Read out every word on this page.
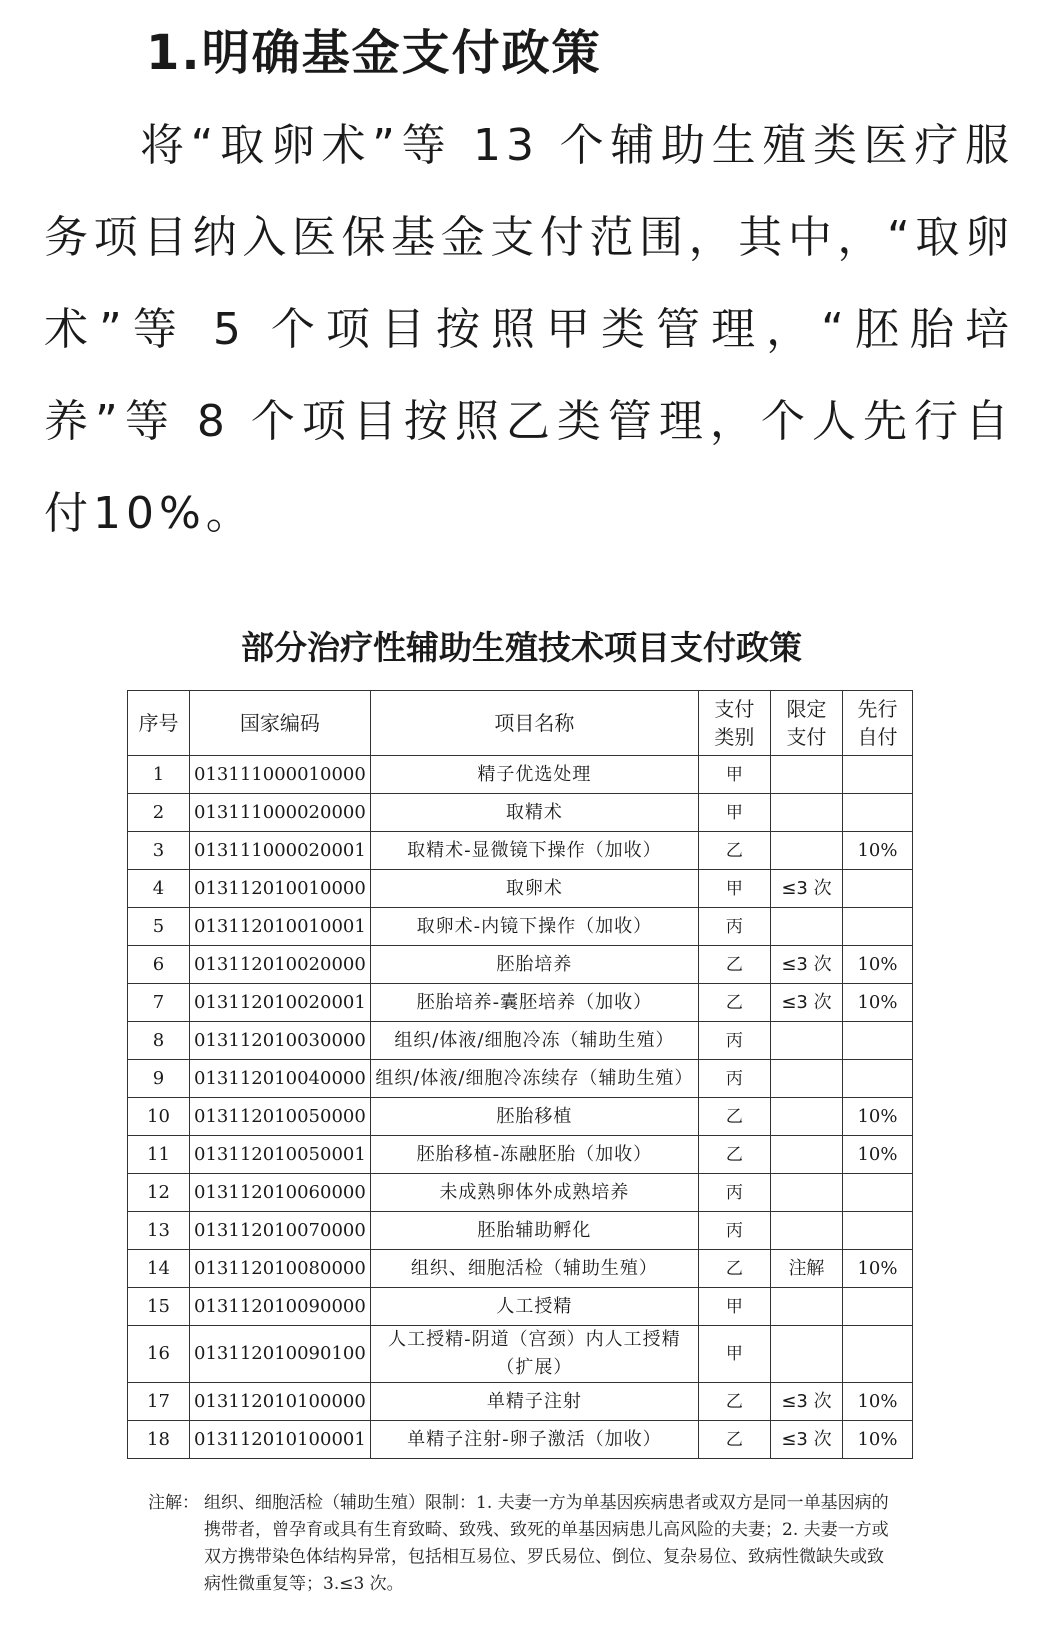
1.明确基金支付政策
将“取卵术”等 13 个辅助生殖类医疗服务项目纳入医保基金支付范围，其中，“取卵术”等 5 个项目按照甲类管理，“胚胎培养”等 8 个项目按照乙类管理，个人先行自付10%。
部分治疗性辅助生殖技术项目支付政策
序号	国家编码	项目名称	支付类别	限定支付	先行自付
1	013111000010000	精子优选处理	甲		
2	013111000020000	取精术	甲		
3	013111000020001	取精术-显微镜下操作（加收）	乙		10%
4	013112010010000	取卵术	甲	≤3 次	
5	013112010010001	取卵术-内镜下操作（加收）	丙		
6	013112010020000	胚胎培养	乙	≤3 次	10%
7	013112010020001	胚胎培养-囊胚培养（加收）	乙	≤3 次	10%
8	013112010030000	组织/体液/细胞冷冻（辅助生殖）	丙		
9	013112010040000	组织/体液/细胞冷冻续存（辅助生殖）	丙		
10	013112010050000	胚胎移植	乙		10%
11	013112010050001	胚胎移植-冻融胚胎（加收）	乙		10%
12	013112010060000	未成熟卵体外成熟培养	丙		
13	013112010070000	胚胎辅助孵化	丙		
14	013112010080000	组织、细胞活检（辅助生殖）	乙	注解	10%
15	013112010090000	人工授精	甲		
16	013112010090100	人工授精-阴道（宫颈）内人工授精（扩展）	甲		
17	013112010100000	单精子注射	乙	≤3 次	10%
18	013112010100001	单精子注射-卵子激活（加收）	乙	≤3 次	10%
注解： 组织、细胞活检（辅助生殖）限制：1. 夫妻一方为单基因疾病患者或双方是同一单基因病的携带者，曾孕育或具有生育致畸、致残、致死的单基因病患儿高风险的夫妻；2. 夫妻一方或双方携带染色体结构异常，包括相互易位、罗氏易位、倒位、复杂易位、致病性微缺失或致病性微重复等；3.≤3 次。
